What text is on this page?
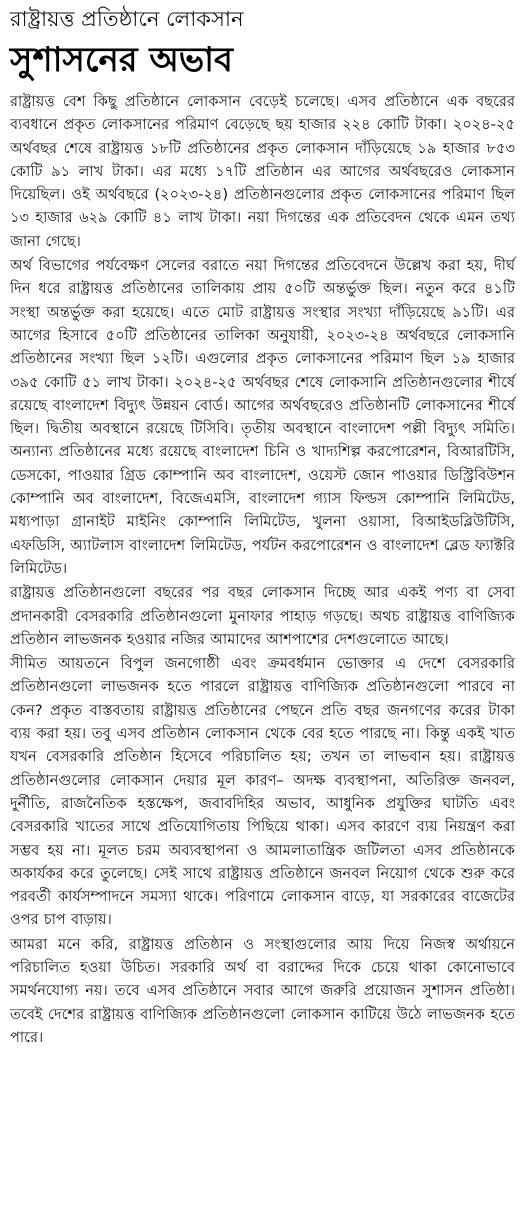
রাষ্ট্রায়ত্ত প্রতিষ্ঠানে লোকসান
সুশাসনের অভাব

রাষ্ট্রায়ত্ত বেশ কিছু প্রতিষ্ঠানে লোকসান বেড়েই চলেছে। এসব প্রতিষ্ঠানে এক বছরের ব্যবধানে প্রকৃত লোকসানের পরিমাণ বেড়েছে ছয় হাজার ২২৪ কোটি টাকা। ২০২৪-২৫ অর্থবছর শেষে রাষ্ট্রায়ত্ত ১৮টি প্রতিষ্ঠানের প্রকৃত লোকসান দাঁড়িয়েছে ১৯ হাজার ৮৫৩ কোটি ৯১ লাখ টাকা। এর মধ্যে ১৭টি প্রতিষ্ঠান এর আগের অর্থবছরেও লোকসান দিয়েছিল। ওই অর্থবছরে (২০২৩-২৪) প্রতিষ্ঠানগুলোর প্রকৃত লোকসানের পরিমাণ ছিল ১৩ হাজার ৬২৯ কোটি ৪১ লাখ টাকা। নয়া দিগন্তের এক প্রতিবেদন থেকে এমন তথ্য জানা গেছে।

অর্থ বিভাগের পর্যবেক্ষণ সেলের বরাতে নয়া দিগন্তের প্রতিবেদনে উল্লেখ করা হয়, দীর্ঘ দিন ধরে রাষ্ট্রায়ত্ত প্রতিষ্ঠানের তালিকায় প্রায় ৫০টি অন্তর্ভুক্ত ছিল। নতুন করে ৪১টি সংস্থা অন্তর্ভুক্ত করা হয়েছে। এতে মোট রাষ্ট্রায়ত্ত সংস্থার সংখ্যা দাঁড়িয়েছে ৯১টি। এর আগের হিসাবে ৫০টি প্রতিষ্ঠানের তালিকা অনুযায়ী, ২০২৩-২৪ অর্থবছরে লোকসানি প্রতিষ্ঠানের সংখ্যা ছিল ১২টি। এগুলোর প্রকৃত লোকসানের পরিমাণ ছিল ১৯ হাজার ৩৯৫ কোটি ৫১ লাখ টাকা। ২০২৪-২৫ অর্থবছর শেষে লোকসানি প্রতিষ্ঠানগুলোর শীর্ষে রয়েছে বাংলাদেশ বিদ্যুৎ উন্নয়ন বোর্ড। আগের অর্থবছরেও প্রতিষ্ঠানটি লোকসানের শীর্ষে ছিল। দ্বিতীয় অবস্থানে রয়েছে টিসিবি। তৃতীয় অবস্থানে বাংলাদেশ পল্লী বিদ্যুৎ সমিতি। অন্যান্য প্রতিষ্ঠানের মধ্যে রয়েছে বাংলাদেশ চিনি ও খাদ্যশিল্প করপোরেশন, বিআরটিসি, ডেসকো, পাওয়ার গ্রিড কোম্পানি অব বাংলাদেশ, ওয়েস্ট জোন পাওয়ার ডিস্ট্রিবিউশন কোম্পানি অব বাংলাদেশ, বিজেএমসি, বাংলাদেশ গ্যাস ফিল্ডস কোম্পানি লিমিটেড, মধ্যপাড়া গ্রানাইট মাইনিং কোম্পানি লিমিটেড, খুলনা ওয়াসা, বিআইডব্লিউটিসি, এফডিসি, অ্যাটলাস বাংলাদেশ লিমিটেড, পর্যটন করপোরেশন ও বাংলাদেশ ব্লেড ফ্যাক্টরি লিমিটেড।

রাষ্ট্রায়ত্ত প্রতিষ্ঠানগুলো বছরের পর বছর লোকসান দিচ্ছে আর একই পণ্য বা সেবা প্রদানকারী বেসরকারি প্রতিষ্ঠানগুলো মুনাফার পাহাড় গড়ছে। অথচ রাষ্ট্রায়ত্ত বাণিজ্যিক প্রতিষ্ঠান লাভজনক হওয়ার নজির আমাদের আশপাশের দেশগুলোতে আছে।

সীমিত আয়তনে বিপুল জনগোষ্ঠী এবং ক্রমবর্ধমান ভোক্তার এ দেশে বেসরকারি প্রতিষ্ঠানগুলো লাভজনক হতে পারলে রাষ্ট্রায়ত্ত বাণিজ্যিক প্রতিষ্ঠানগুলো পারবে না কেন? প্রকৃত বাস্তবতায় রাষ্ট্রায়ত্ত প্রতিষ্ঠানের পেছনে প্রতি বছর জনগণের করের টাকা ব্যয় করা হয়। তবু এসব প্রতিষ্ঠান লোকসান থেকে বের হতে পারছে না। কিন্তু একই খাত যখন বেসরকারি প্রতিষ্ঠান হিসেবে পরিচালিত হয়; তখন তা লাভবান হয়। রাষ্ট্রায়ত্ত প্রতিষ্ঠানগুলোর লোকসান দেয়ার মূল কারণ– অদক্ষ ব্যবস্থাপনা, অতিরিক্ত জনবল, দুর্নীতি, রাজনৈতিক হস্তক্ষেপ, জবাবদিহির অভাব, আধুনিক প্রযুক্তির ঘাটতি এবং বেসরকারি খাতের সাথে প্রতিযোগিতায় পিছিয়ে থাকা। এসব কারণে ব্যয় নিয়ন্ত্রণ করা সম্ভব হয় না। মূলত চরম অব্যবস্থাপনা ও আমলাতান্ত্রিক জটিলতা এসব প্রতিষ্ঠানকে অকার্যকর করে তুলেছে। সেই সাথে রাষ্ট্রায়ত্ত প্রতিষ্ঠানে জনবল নিয়োগ থেকে শুরু করে পরবর্তী কার্যসম্পাদনে সমস্যা থাকে। পরিণামে লোকসান বাড়ে, যা সরকারের বাজেটের ওপর চাপ বাড়ায়।

আমরা মনে করি, রাষ্ট্রায়ত্ত প্রতিষ্ঠান ও সংস্থাগুলোর আয় দিয়ে নিজস্ব অর্থায়নে পরিচালিত হওয়া উচিত। সরকারি অর্থ বা বরাদ্দের দিকে চেয়ে থাকা কোনোভাবে সমর্থনযোগ্য নয়। তবে এসব প্রতিষ্ঠানে সবার আগে জরুরি প্রয়োজন সুশাসন প্রতিষ্ঠা। তবেই দেশের রাষ্ট্রায়ত্ত বাণিজ্যিক প্রতিষ্ঠানগুলো লোকসান কাটিয়ে উঠে লাভজনক হতে পারে।
